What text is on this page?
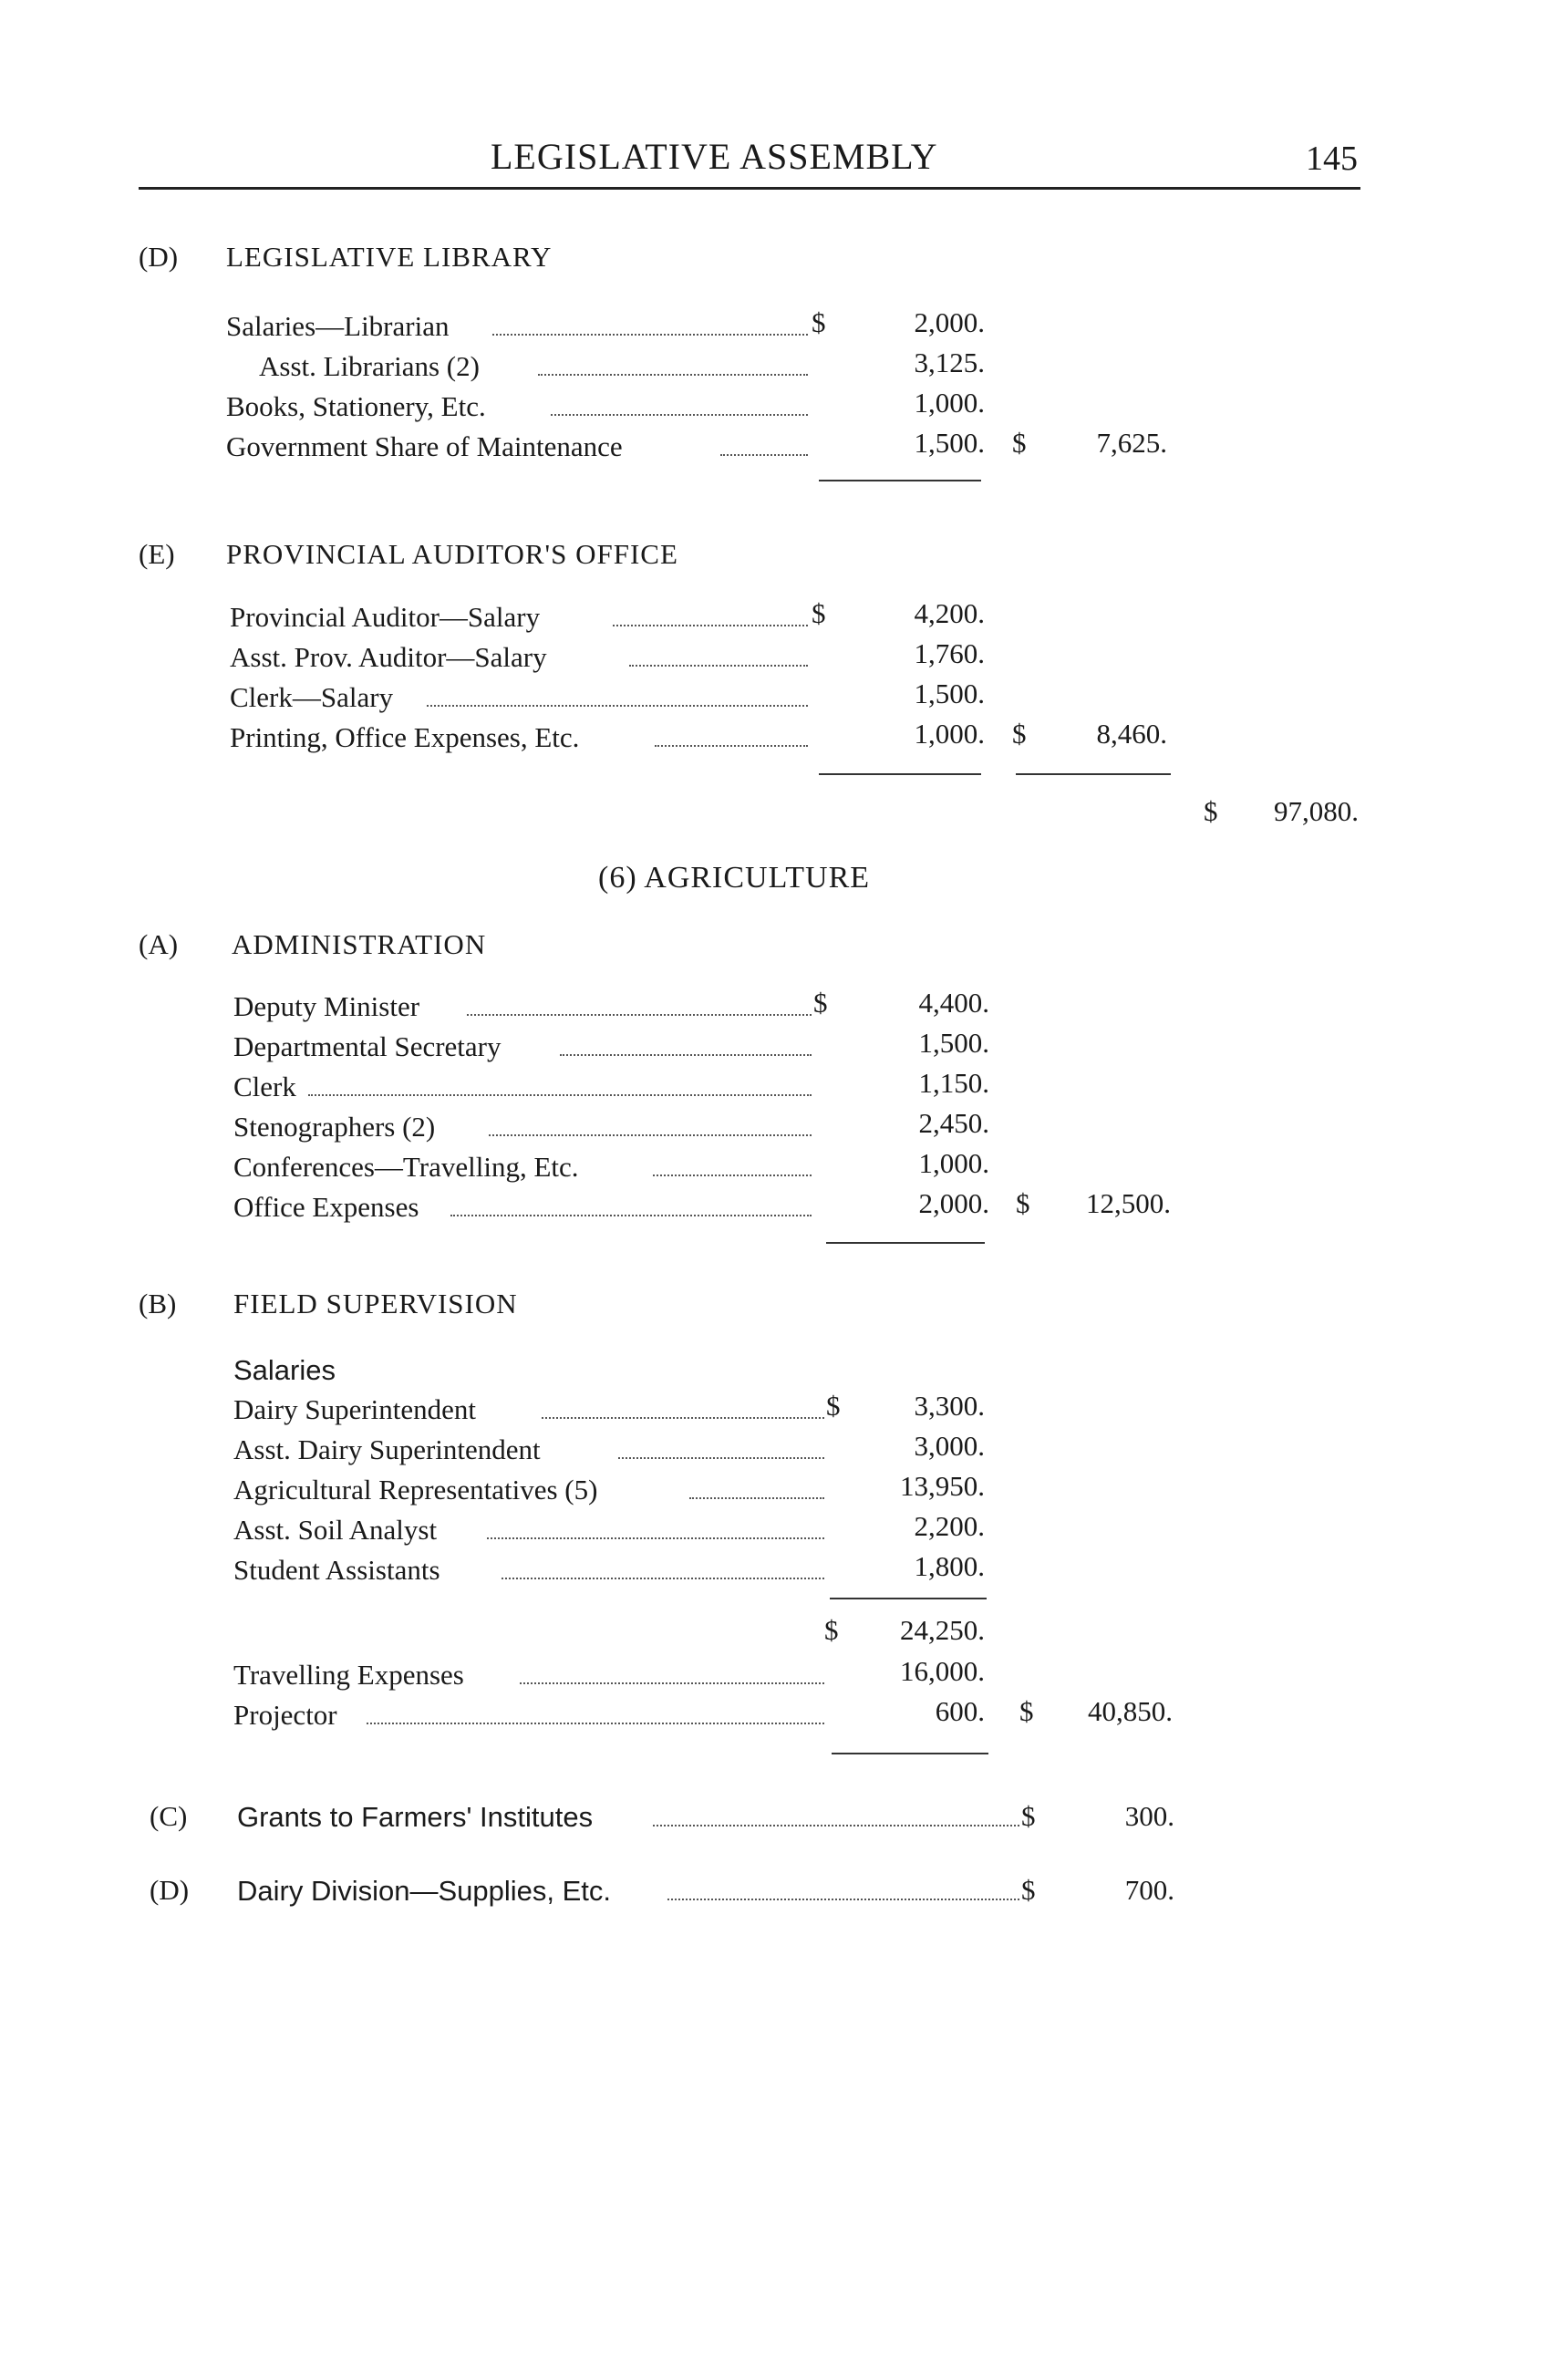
LEGISLATIVE ASSEMBLY	145
(D) LEGISLATIVE LIBRARY
Salaries—Librarian	$	2,000.
Asst. Librarians (2)	3,125.
Books, Stationery, Etc.	1,000.
Government Share of Maintenance	1,500. $	7,625.
(E) PROVINCIAL AUDITOR'S OFFICE
Provincial Auditor—Salary	$	4,200.
Asst. Prov. Auditor—Salary	1,760.
Clerk—Salary	1,500.
Printing, Office Expenses, Etc.	1,000. $	8,460.
$	97,080.
(6) AGRICULTURE
(A) ADMINISTRATION
Deputy Minister	$	4,400.
Departmental Secretary	1,500.
Clerk	1,150.
Stenographers (2)	2,450.
Conferences—Travelling, Etc.	1,000.
Office Expenses	2,000. $	12,500.
(B) FIELD SUPERVISION
Salaries
Dairy Superintendent	$	3,300.
Asst. Dairy Superintendent	3,000.
Agricultural Representatives (5)	13,950.
Asst. Soil Analyst	2,200.
Student Assistants	1,800.
$	24,250.
Travelling Expenses	16,000.
Projector	600. $	40,850.
(C) Grants to Farmers' Institutes	$	300.
(D) Dairy Division—Supplies, Etc.	$	700.
